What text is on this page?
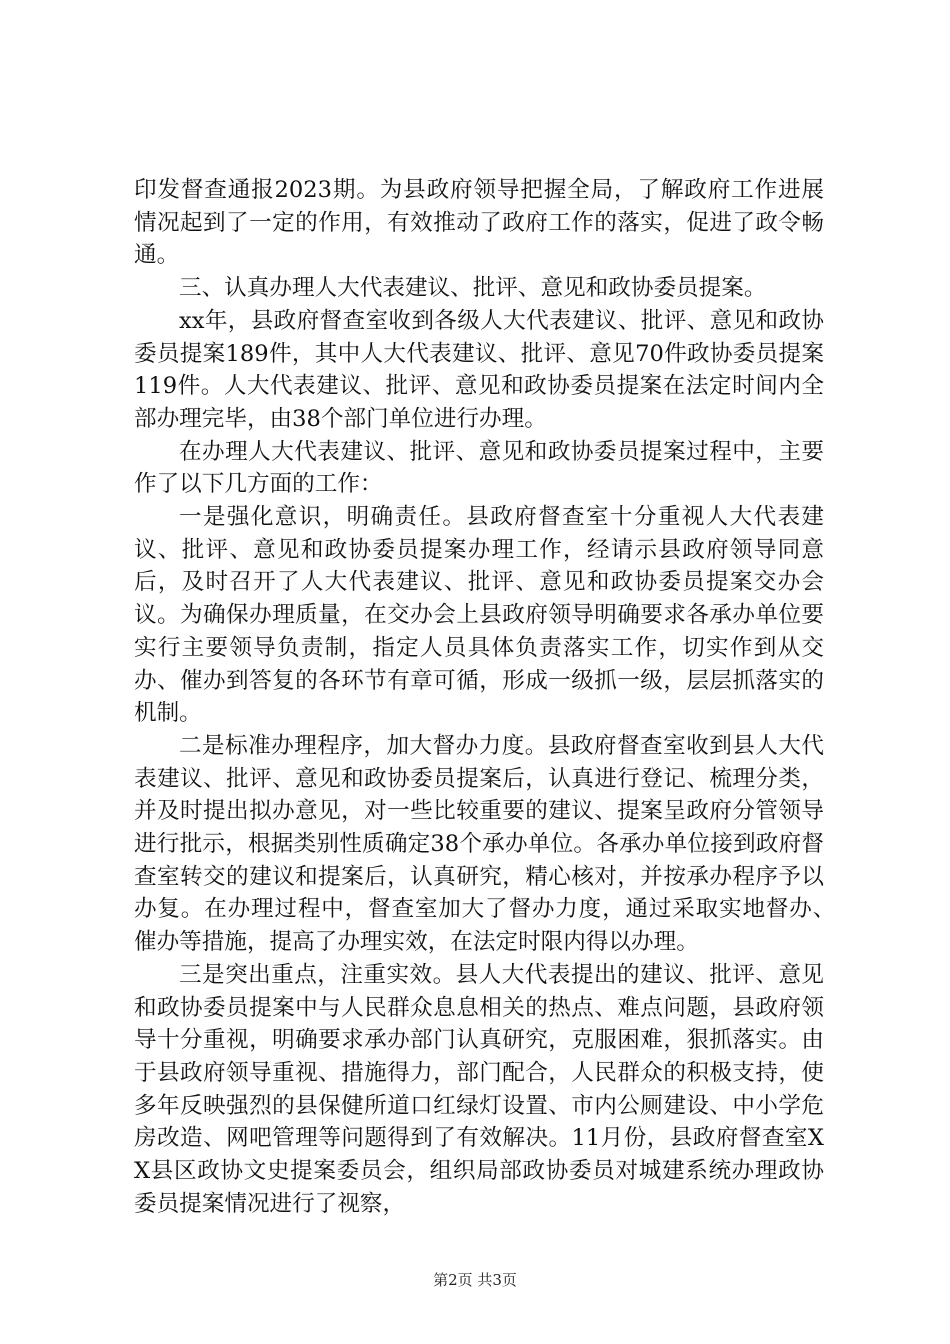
印发督查通报2023期。为县政府领导把握全局，了解政府工作进展情况起到了一定的作用，有效推动了政府工作的落实，促进了政令畅通。

三、认真办理人大代表建议、批评、意见和政协委员提案。

xx年，县政府督查室收到各级人大代表建议、批评、意见和政协委员提案189件，其中人大代表建议、批评、意见70件政协委员提案119件。人大代表建议、批评、意见和政协委员提案在法定时间内全部办理完毕，由38个部门单位进行办理。

在办理人大代表建议、批评、意见和政协委员提案过程中，主要作了以下几方面的工作：

一是强化意识，明确责任。县政府督查室十分重视人大代表建议、批评、意见和政协委员提案办理工作，经请示县政府领导同意后，及时召开了人大代表建议、批评、意见和政协委员提案交办会议。为确保办理质量，在交办会上县政府领导明确要求各承办单位要实行主要领导负责制，指定人员具体负责落实工作，切实作到从交办、催办到答复的各环节有章可循，形成一级抓一级，层层抓落实的机制。

二是标准办理程序，加大督办力度。县政府督查室收到县人大代表建议、批评、意见和政协委员提案后，认真进行登记、梳理分类，并及时提出拟办意见，对一些比较重要的建议、提案呈政府分管领导进行批示，根据类别性质确定38个承办单位。各承办单位接到政府督查室转交的建议和提案后，认真研究，精心核对，并按承办程序予以办复。在办理过程中，督查室加大了督办力度，通过采取实地督办、　 催办等措施，提高了办理实效，在法定时限内得以办理。

三是突出重点，注重实效。县人大代表提出的建议、批评、意见和政协委员提案中与人民群众息息相关的热点、难点问题，县政府领导十分重视，明确要求承办部门认真研究，克服困难，狠抓落实。由于县政府领导重视、措施得力，部门配合，人民群众的积极支持，使多年反映强烈的县保健所道口红绿灯设置、市内公厕建设、中小学危房改造、网吧管理等问题得到了有效解决。11月份，县政府督查室XX县区政协文史提案委员会，组织局部政协委员对城建系统办理政协委员提案情况进行了视察，

第2页 共3页
